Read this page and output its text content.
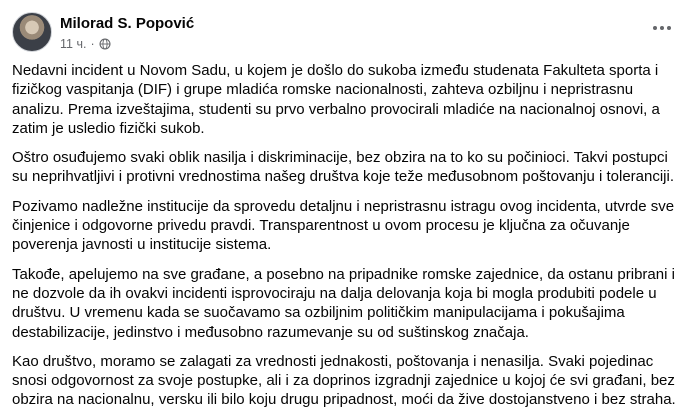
Milorad S. Popović
11 ч. ·

Nedavni incident u Novom Sadu, u kojem je došlo do sukoba između studenata Fakulteta sporta i fizičkog vaspitanja (DIF) i grupe mladića romske nacionalnosti, zahteva ozbiljnu i nepristrasnu analizu. Prema izveštajima, studenti su prvo verbalno provocirali mladiće na nacionalnoj osnovi, a zatim je usledio fizički sukob.

Oštro osuđujemo svaki oblik nasilja i diskriminacije, bez obzira na to ko su počinioci. Takvi postupci su neprihvatljivi i protivni vrednostima našeg društva koje teže međusobnom poštovanju i toleranciji.

Pozivamo nadležne institucije da sprovedu detaljnu i nepristrasnu istragu ovog incidenta, utvrde sve činjenice i odgovorne privedu pravdi. Transparentnost u ovom procesu je ključna za očuvanje poverenja javnosti u institucije sistema.

Takođe, apelujemo na sve građane, a posebno na pripadnike romske zajednice, da ostanu pribrani i ne dozvole da ih ovakvi incidenti isprovociraju na dalja delovanja koja bi mogla produbiti podele u društvu. U vremenu kada se suočavamo sa ozbiljnim političkim manipulacijama i pokušajima destabilizacije, jedinstvo i međusobno razumevanje su od suštinskog značaja.

Kao društvo, moramo se zalagati za vrednosti jednakosti, poštovanja i nenasilja. Svaki pojedinac snosi odgovornost za svoje postupke, ali i za doprinos izgradnji zajednice u kojoj će svi građani, bez obzira na nacionalnu, versku ili bilo koju drugu pripadnost, moći da žive dostojanstveno i bez straha.
